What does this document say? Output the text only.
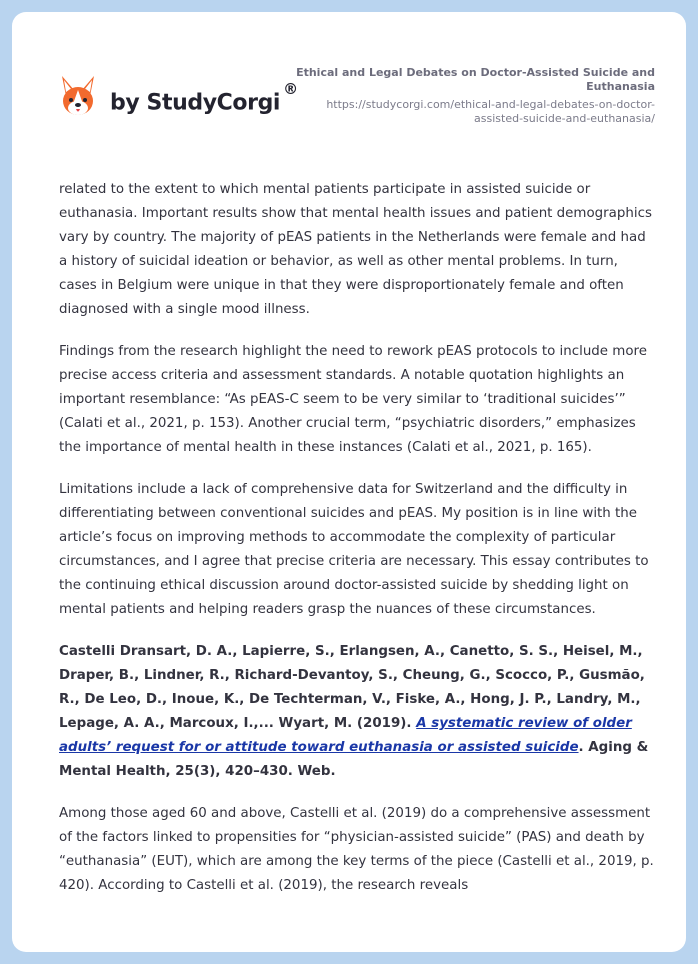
by StudyCorgi®
Ethical and Legal Debates on Doctor-Assisted Suicide and Euthanasia
https://studycorgi.com/ethical-and-legal-debates-on-doctor-assisted-suicide-and-euthanasia/

related to the extent to which mental patients participate in assisted suicide or euthanasia. Important results show that mental health issues and patient demographics vary by country. The majority of pEAS patients in the Netherlands were female and had a history of suicidal ideation or behavior, as well as other mental problems. In turn, cases in Belgium were unique in that they were disproportionately female and often diagnosed with a single mood illness.

Findings from the research highlight the need to rework pEAS protocols to include more precise access criteria and assessment standards. A notable quotation highlights an important resemblance: “As pEAS-C seem to be very similar to ‘traditional suicides’” (Calati et al., 2021, p. 153). Another crucial term, “psychiatric disorders,” emphasizes the importance of mental health in these instances (Calati et al., 2021, p. 165).

Limitations include a lack of comprehensive data for Switzerland and the difficulty in differentiating between conventional suicides and pEAS. My position is in line with the article’s focus on improving methods to accommodate the complexity of particular circumstances, and I agree that precise criteria are necessary. This essay contributes to the continuing ethical discussion around doctor-assisted suicide by shedding light on mental patients and helping readers grasp the nuances of these circumstances.

Castelli Dransart, D. A., Lapierre, S., Erlangsen, A., Canetto, S. S., Heisel, M., Draper, B., Lindner, R., Richard-Devantoy, S., Cheung, G., Scocco, P., Gusmão, R., De Leo, D., Inoue, K., De Techterman, V., Fiske, A., Hong, J. P., Landry, M., Lepage, A. A., Marcoux, I.,... Wyart, M. (2019). A systematic review of older adults’ request for or attitude toward euthanasia or assisted suicide. Aging & Mental Health, 25(3), 420–430. Web.

Among those aged 60 and above, Castelli et al. (2019) do a comprehensive assessment of the factors linked to propensities for “physician-assisted suicide” (PAS) and death by “euthanasia” (EUT), which are among the key terms of the piece (Castelli et al., 2019, p. 420). According to Castelli et al. (2019), the research reveals
